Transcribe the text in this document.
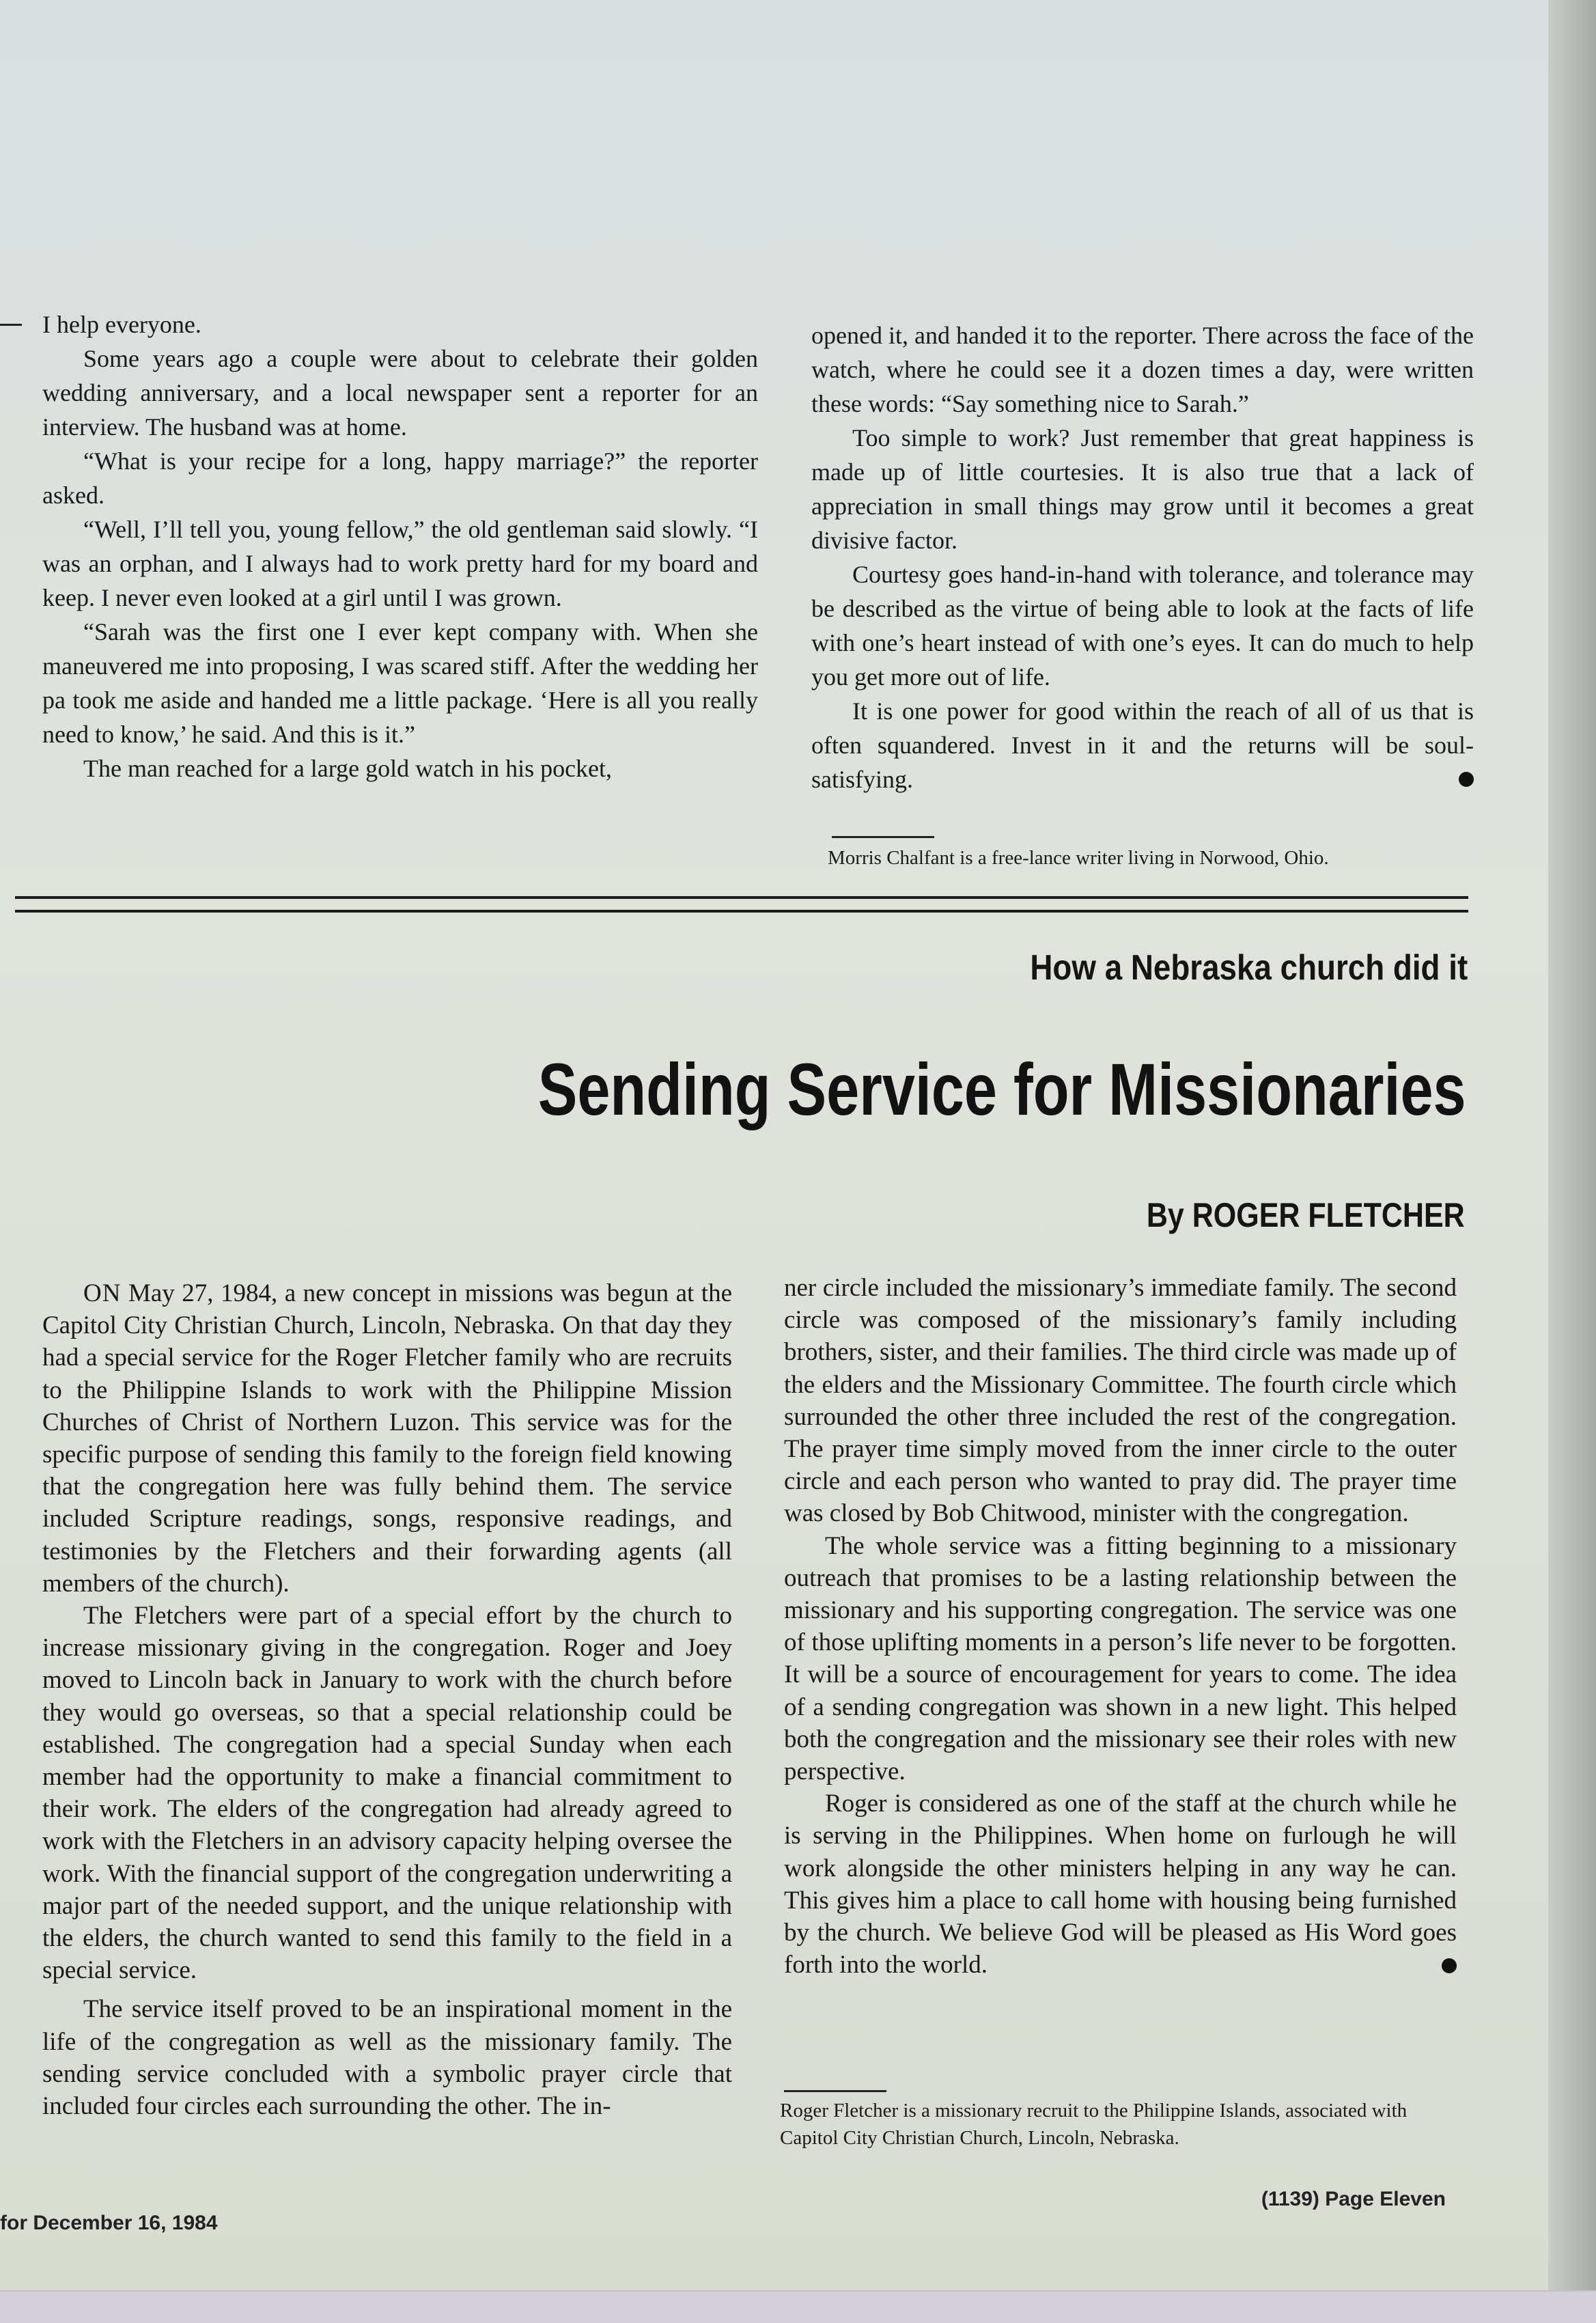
I help everyone.

Some years ago a couple were about to celebrate their golden wedding anniversary, and a local newspaper sent a reporter for an interview. The husband was at home.

“What is your recipe for a long, happy marriage?” the reporter asked.

“Well, I’ll tell you, young fellow,” the old gentleman said slowly. “I was an orphan, and I always had to work pretty hard for my board and keep. I never even looked at a girl until I was grown.

“Sarah was the first one I ever kept company with. When she maneuvered me into proposing, I was scared stiff. After the wedding her pa took me aside and handed me a little package. ‘Here is all you really need to know,’ he said. And this is it.”

The man reached for a large gold watch in his pocket,

opened it, and handed it to the reporter. There across the face of the watch, where he could see it a dozen times a day, were written these words: “Say something nice to Sarah.”

Too simple to work? Just remember that great happiness is made up of little courtesies. It is also true that a lack of appreciation in small things may grow until it becomes a great divisive factor.

Courtesy goes hand-in-hand with tolerance, and tolerance may be described as the virtue of being able to look at the facts of life with one’s heart instead of with one’s eyes. It can do much to help you get more out of life.

It is one power for good within the reach of all of us that is often squandered. Invest in it and the returns will be soul-satisfying.

Morris Chalfant is a free-lance writer living in Norwood, Ohio.
How a Nebraska church did it
Sending Service for Missionaries
By ROGER FLETCHER

ON May 27, 1984, a new concept in missions was begun at the Capitol City Christian Church, Lincoln, Nebraska. On that day they had a special service for the Roger Fletcher family who are recruits to the Philippine Islands to work with the Philippine Mission Churches of Christ of Northern Luzon. This service was for the specific purpose of sending this family to the foreign field knowing that the congregation here was fully behind them. The service included Scripture readings, songs, responsive readings, and testimonies by the Fletchers and their forwarding agents (all members of the church).

The Fletchers were part of a special effort by the church to increase missionary giving in the congregation. Roger and Joey moved to Lincoln back in January to work with the church before they would go overseas, so that a special relationship could be established. The congregation had a special Sunday when each member had the opportunity to make a financial commitment to their work. The elders of the congregation had already agreed to work with the Fletchers in an advisory capacity helping oversee the work. With the financial support of the congregation underwriting a major part of the needed support, and the unique relationship with the elders, the church wanted to send this family to the field in a special service.

The service itself proved to be an inspirational moment in the life of the congregation as well as the missionary family. The sending service concluded with a symbolic prayer circle that included four circles each surrounding the other. The in-

ner circle included the missionary’s immediate family. The second circle was composed of the missionary’s family including brothers, sister, and their families. The third circle was made up of the elders and the Missionary Committee. The fourth circle which surrounded the other three included the rest of the congregation. The prayer time simply moved from the inner circle to the outer circle and each person who wanted to pray did. The prayer time was closed by Bob Chitwood, minister with the congregation.

The whole service was a fitting beginning to a missionary outreach that promises to be a lasting relationship between the missionary and his supporting congregation. The service was one of those uplifting moments in a person’s life never to be forgotten. It will be a source of encouragement for years to come. The idea of a sending congregation was shown in a new light. This helped both the congregation and the missionary see their roles with new perspective.

Roger is considered as one of the staff at the church while he is serving in the Philippines. When home on furlough he will work alongside the other ministers helping in any way he can. This gives him a place to call home with housing being furnished by the church. We believe God will be pleased as His Word goes forth into the world.

Roger Fletcher is a missionary recruit to the Philippine Islands, associated with Capitol City Christian Church, Lincoln, Nebraska.
for December 16, 1984
(1139) Page Eleven
